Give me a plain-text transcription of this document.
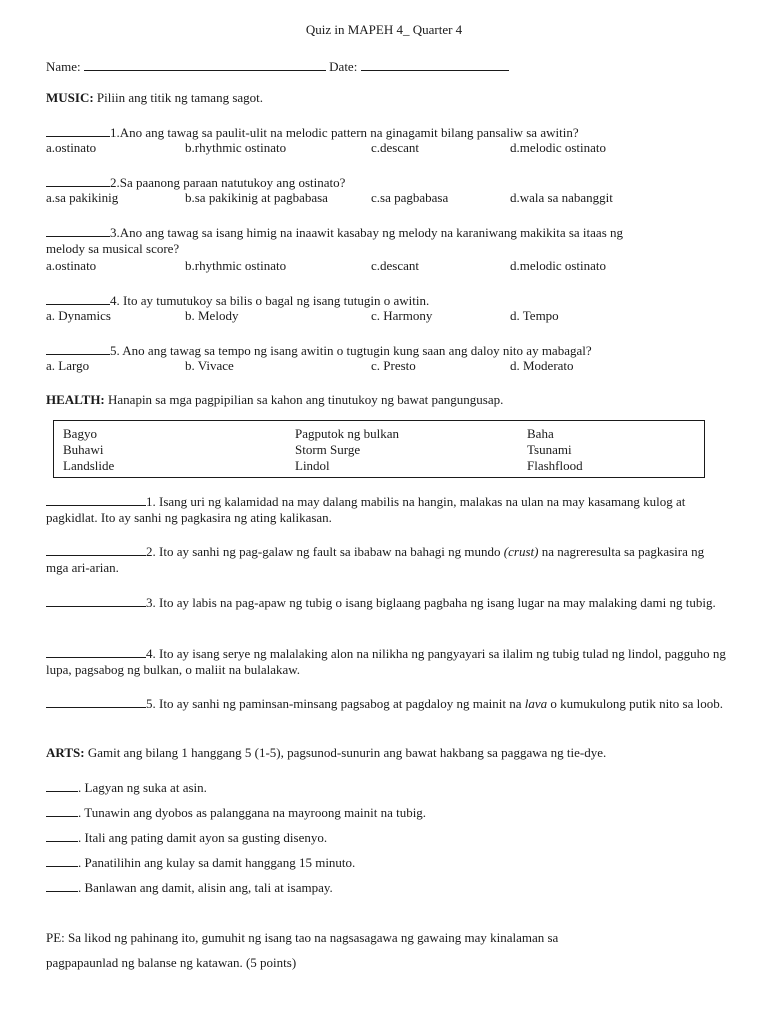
Quiz in MAPEH 4_ Quarter 4
Name:	Date:
MUSIC: Piliin ang titik ng tamang sagot.
1.Ano ang tawag sa paulit-ulit na melodic pattern na ginagamit bilang pansaliw sa awitin?
a.ostinato	b.rhythmic ostinato	c.descant	d.melodic ostinato
2.Sa paanong paraan natutukoy ang ostinato?
a.sa pakikinig	b.sa pakikinig at pagbabasa	c.sa pagbabasa	d.wala sa nabanggit
3.Ano ang tawag sa isang himig na inaawit kasabay ng melody na karaniwang makikita sa itaas ng
melody sa musical score?
a.ostinato	b.rhythmic ostinato	c.descant	d.melodic ostinato
4. Ito ay tumutukoy sa bilis o bagal ng isang tutugin o awitin.
a. Dynamics	b. Melody	c. Harmony	d. Tempo
5. Ano ang tawag sa tempo ng isang awitin o tugtugin kung saan ang daloy nito ay mabagal?
a. Largo	b. Vivace	c. Presto	d. Moderato
HEALTH: Hanapin sa mga pagpipilian sa kahon ang tinutukoy ng bawat pangungusap.
Bagyo	Pagputok ng bulkan	Baha
Buhawi	Storm Surge	Tsunami
Landslide	Lindol	Flashflood
1. Isang uri ng kalamidad na may dalang mabilis na hangin, malakas na ulan na may kasamang kulog at pagkidlat. Ito ay sanhi ng pagkasira ng ating kalikasan.
2. Ito ay sanhi ng pag-galaw ng fault sa ibabaw na bahagi ng mundo (crust) na nagreresulta sa pagkasira ng mga ari-arian.
3. Ito ay labis na pag-apaw ng tubig o isang biglaang pagbaha ng isang lugar na may malaking dami ng tubig.
4. Ito ay isang serye ng malalaking alon na nilikha ng pangyayari sa ilalim ng tubig tulad ng lindol, pagguho ng lupa, pagsabog ng bulkan, o maliit na bulalakaw.
5. Ito ay sanhi ng paminsan-minsang pagsabog at pagdaloy ng mainit na lava o kumukulong putik nito sa loob.
ARTS: Gamit ang bilang 1 hanggang 5 (1-5), pagsunod-sunurin ang bawat hakbang sa paggawa ng tie-dye.
. Lagyan ng suka at asin.
. Tunawin ang dyobos as palanggana na mayroong mainit na tubig.
. Itali ang pating damit ayon sa gusting disenyo.
. Panatilihin ang kulay sa damit hanggang 15 minuto.
. Banlawan ang damit, alisin ang, tali at isampay.
PE: Sa likod ng pahinang ito, gumuhit ng isang tao na nagsasagawa ng gawaing may kinalaman sa
pagpapaunlad ng balanse ng katawan. (5 points)
